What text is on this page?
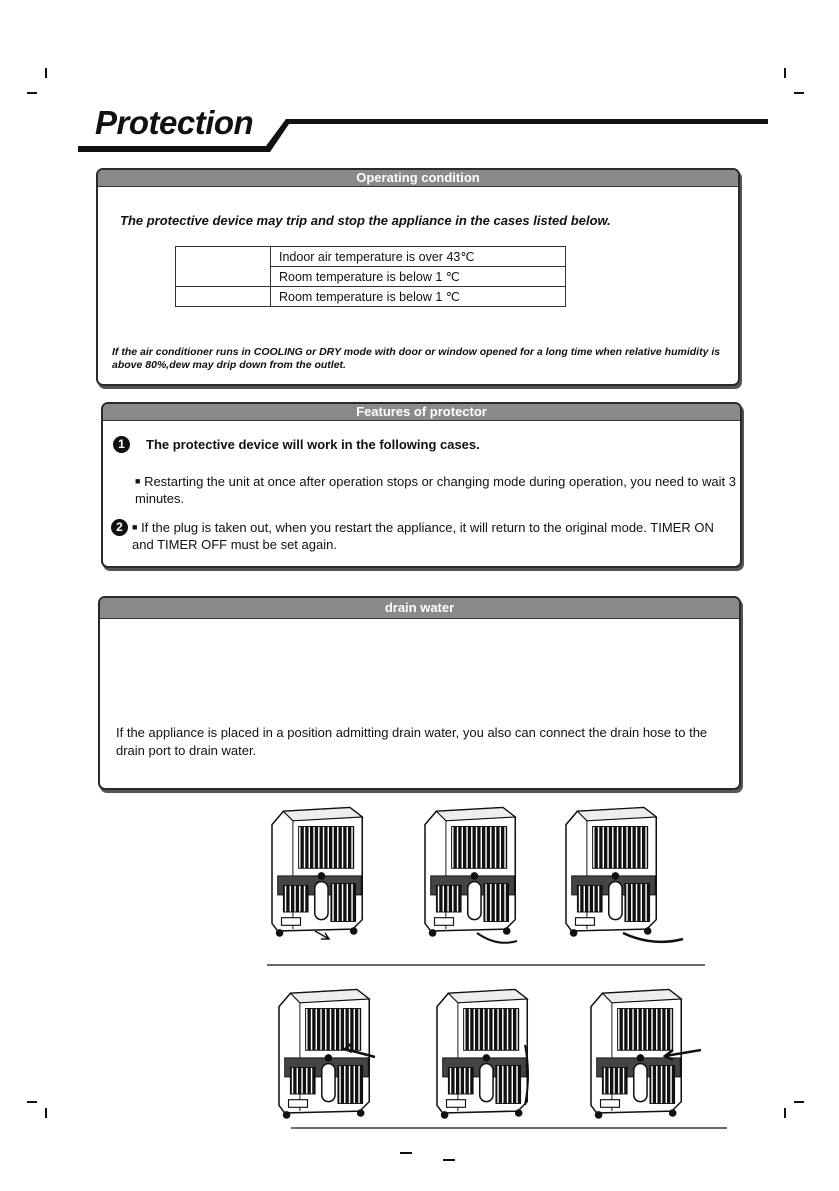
Protection
Operating condition
The protective device may trip and stop the appliance in the cases listed below.
	Indoor air temperature is over 43℃
	Room temperature is below 1 ℃
	Room temperature is below 1 ℃
If the air conditioner runs in COOLING or DRY mode with door or window opened for a long time when relative humidity is above 80%,dew may drip down from the outlet.
Features of protector
1	The protective device will work in the following cases.
■ Restarting the unit at once after operation stops or changing mode during operation, you need to wait 3 minutes.
2	■ If the plug is taken out, when you restart the appliance, it will return to the original mode. TIMER ON and TIMER OFF must be set again.
drain water
If the appliance is placed in a position admitting drain water, you also can connect the drain hose to the drain port to drain water.
